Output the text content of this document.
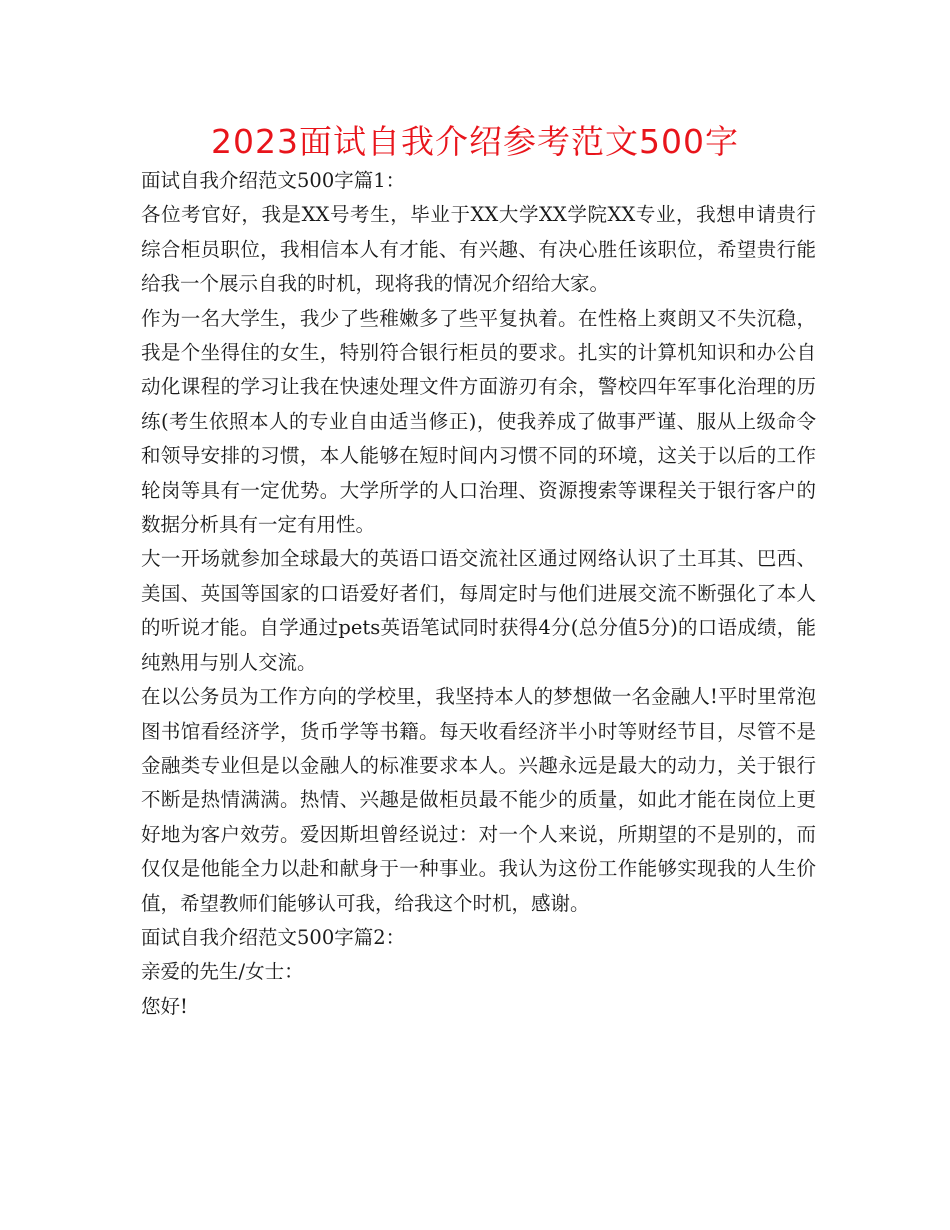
2023面试自我介绍参考范文500字

面试自我介绍范文500字篇1：

各位考官好，我是XX号考生，毕业于XX大学XX学院XX专业，我想申请贵行综合柜员职位，我相信本人有才能、有兴趣、有决心胜任该职位，希望贵行能给我一个展示自我的时机，现将我的情况介绍给大家。

作为一名大学生，我少了些稚嫩多了些平复执着。在性格上爽朗又不失沉稳，我是个坐得住的女生，特别符合银行柜员的要求。扎实的计算机知识和办公自动化课程的学习让我在快速处理文件方面游刃有余，警校四年军事化治理的历练(考生依照本人的专业自由适当修正)，使我养成了做事严谨、服从上级命令和领导安排的习惯，本人能够在短时间内习惯不同的环境，这关于以后的工作轮岗等具有一定优势。大学所学的人口治理、资源搜索等课程关于银行客户的数据分析具有一定有用性。

大一开场就参加全球最大的英语口语交流社区通过网络认识了土耳其、巴西、美国、英国等国家的口语爱好者们，每周定时与他们进展交流不断强化了本人的听说才能。自学通过pets英语笔试同时获得4分(总分值5分)的口语成绩，能纯熟用与别人交流。

在以公务员为工作方向的学校里，我坚持本人的梦想做一名金融人!平时里常泡图书馆看经济学，货币学等书籍。每天收看经济半小时等财经节目，尽管不是金融类专业但是以金融人的标准要求本人。兴趣永远是最大的动力，关于银行不断是热情满满。热情、兴趣是做柜员最不能少的质量，如此才能在岗位上更好地为客户效劳。爱因斯坦曾经说过：对一个人来说，所期望的不是别的，而仅仅是他能全力以赴和献身于一种事业。我认为这份工作能够实现我的人生价值，希望教师们能够认可我，给我这个时机，感谢。

面试自我介绍范文500字篇2：

亲爱的先生/女士：

您好!
